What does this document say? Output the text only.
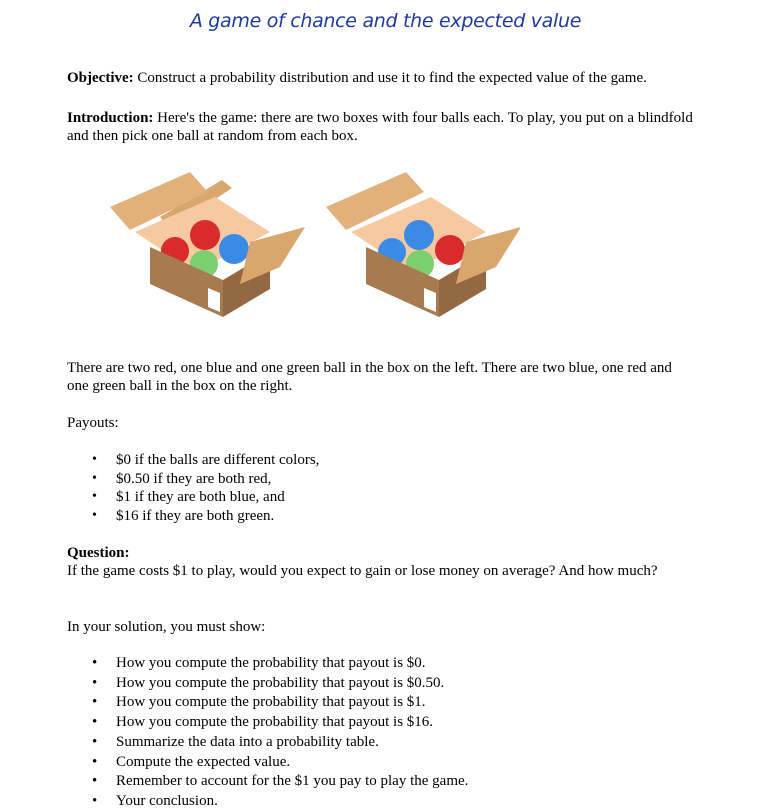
A game of chance and the expected value
Objective: Construct a probability distribution and use it to find the expected value of the game.
Introduction: Here's the game: there are two boxes with four balls each. To play, you put on a blindfold and then pick one ball at random from each box.
There are two red, one blue and one green ball in the box on the left. There are two blue, one red and one green ball in the box on the right.
Payouts:
• $0 if the balls are different colors,
• $0.50 if they are both red,
• $1 if they are both blue, and
• $16 if they are both green.
Question:
If the game costs $1 to play, would you expect to gain or lose money on average? And how much?
In your solution, you must show:
• How you compute the probability that payout is $0.
• How you compute the probability that payout is $0.50.
• How you compute the probability that payout is $1.
• How you compute the probability that payout is $16.
• Summarize the data into a probability table.
• Compute the expected value.
• Remember to account for the $1 you pay to play the game.
• Your conclusion.
